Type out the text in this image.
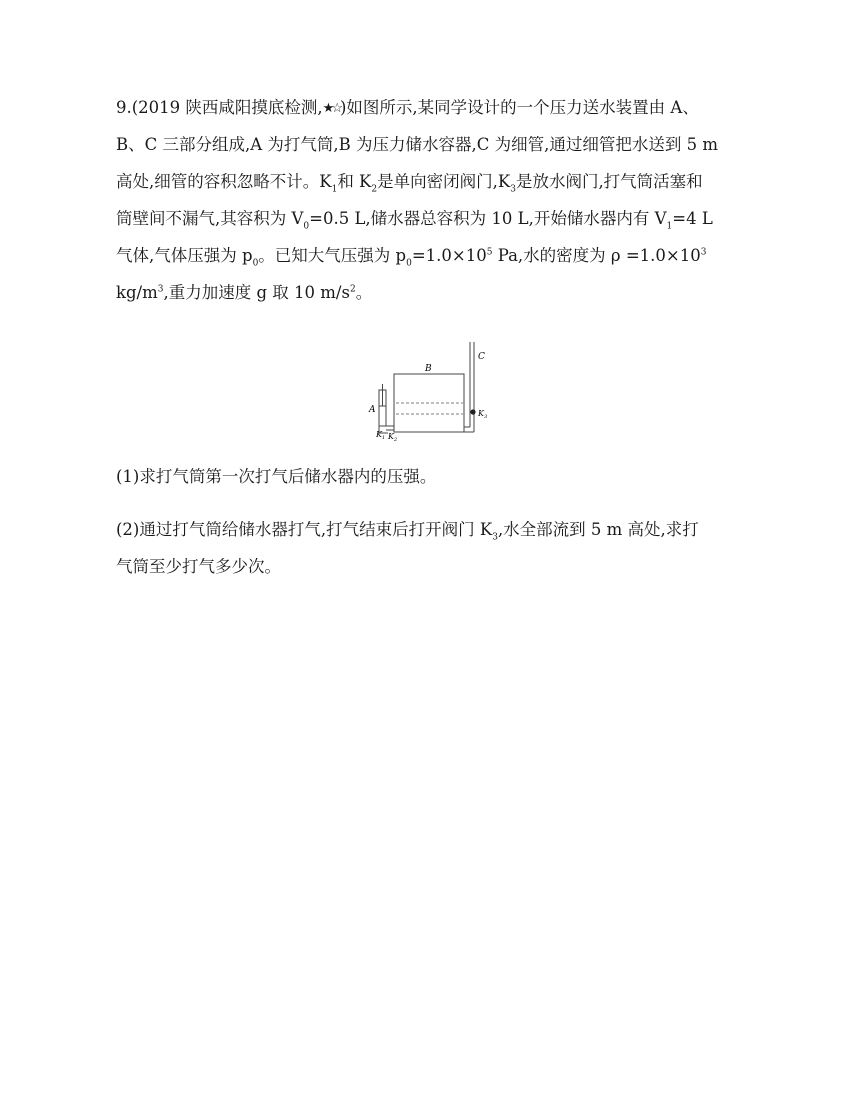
9.(2019 陕西咸阳摸底检测,★☆)如图所示,某同学设计的一个压力送水装置由 A、
B、C 三部分组成,A 为打气筒,B 为压力储水容器,C 为细管,通过细管把水送到 5 m
高处,细管的容积忽略不计。$K_1$和 $K_2$是单向密闭阀门$,K_3$是放水阀门,打气筒活塞和
筒壁间不漏气,其容积为 $V_0=0.5$ L,储水器总容积为 10 L,开始储水器内有 $V_1=4$ L
气体,气体压强为 $p_0$。已知大气压强为 $p_0=1.0\times 10^5$ Pa,水的密度为 $\rho =1.0\times 10^3$
$kg/m^3$,重力加速度 g 取 10 $m/s^2$。
C
B
A	$K_3$
$K_1$ $K_2$
(1)求打气筒第一次打气后储水器内的压强。
(2)通过打气筒给储水器打气,打气结束后打开阀门 $K_3$,水全部流到 5 m 高处,求打
气筒至少打气多少次。
